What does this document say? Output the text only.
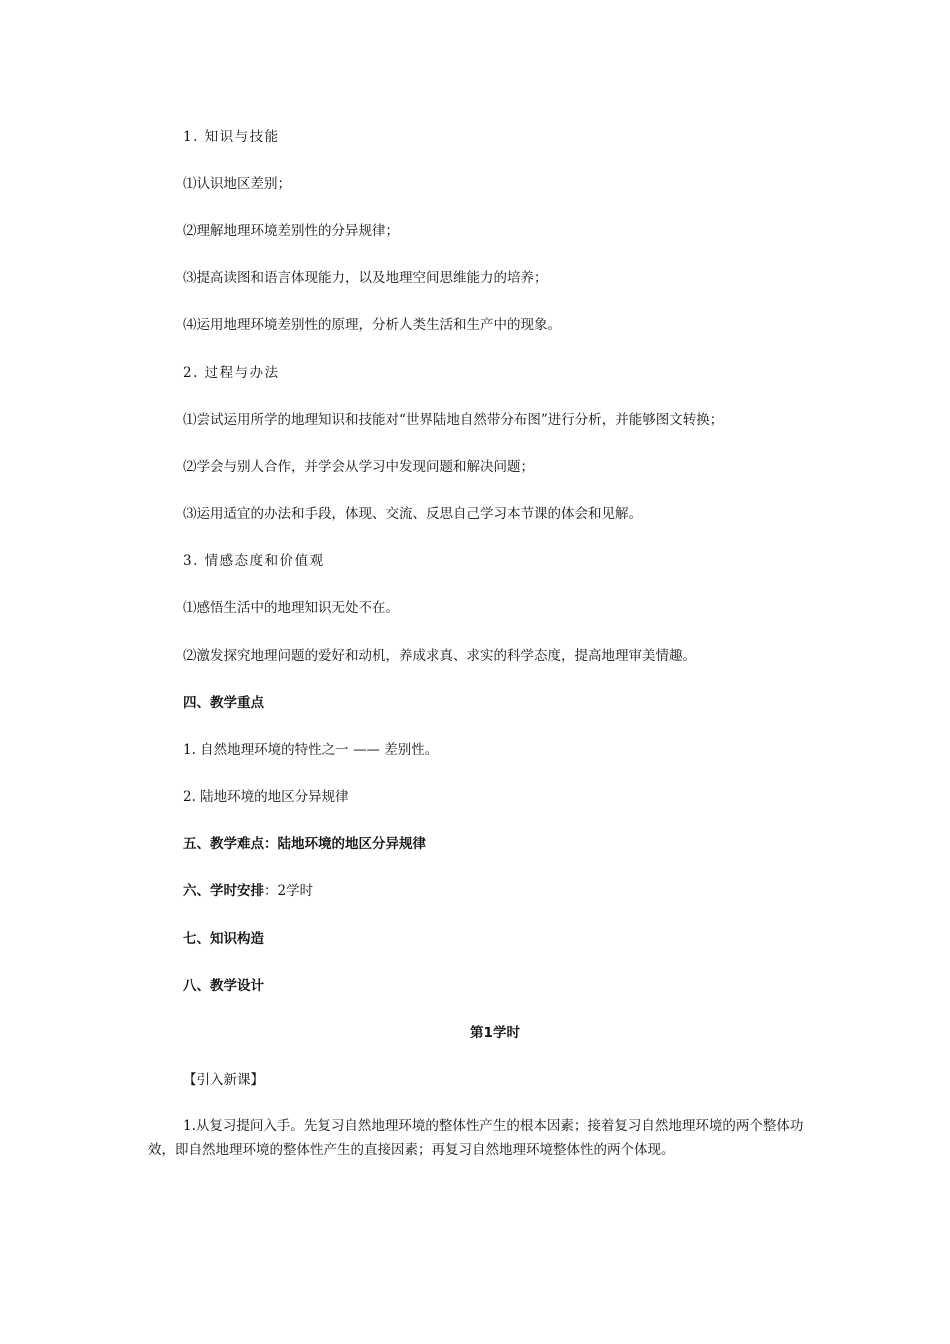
1. 知识与技能
⑴认识地区差别；
⑵理解地理环境差别性的分异规律；
⑶提高读图和语言体现能力，以及地理空间思维能力的培养；
⑷运用地理环境差别性的原理，分析人类生活和生产中的现象。
2. 过程与办法
⑴尝试运用所学的地理知识和技能对“世界陆地自然带分布图”进行分析，并能够图文转换；
⑵学会与别人合作，并学会从学习中发现问题和解决问题；
⑶运用适宜的办法和手段，体现、交流、反思自己学习本节课的体会和见解。
3. 情感态度和价值观
⑴感悟生活中的地理知识无处不在。
⑵激发探究地理问题的爱好和动机，养成求真、求实的科学态度，提高地理审美情趣。
四、教学重点
1. 自然地理环境的特性之一 —— 差别性。
2. 陆地环境的地区分异规律
五、教学难点：陆地环境的地区分异规律
六、学时安排：2学时
七、知识构造
八、教学设计
第1学时
【引入新课】
1.从复习提问入手。先复习自然地理环境的整体性产生的根本因素；接着复习自然地理环境的两个整体功效，即自然地理环境的整体性产生的直接因素；再复习自然地理环境整体性的两个体现。
